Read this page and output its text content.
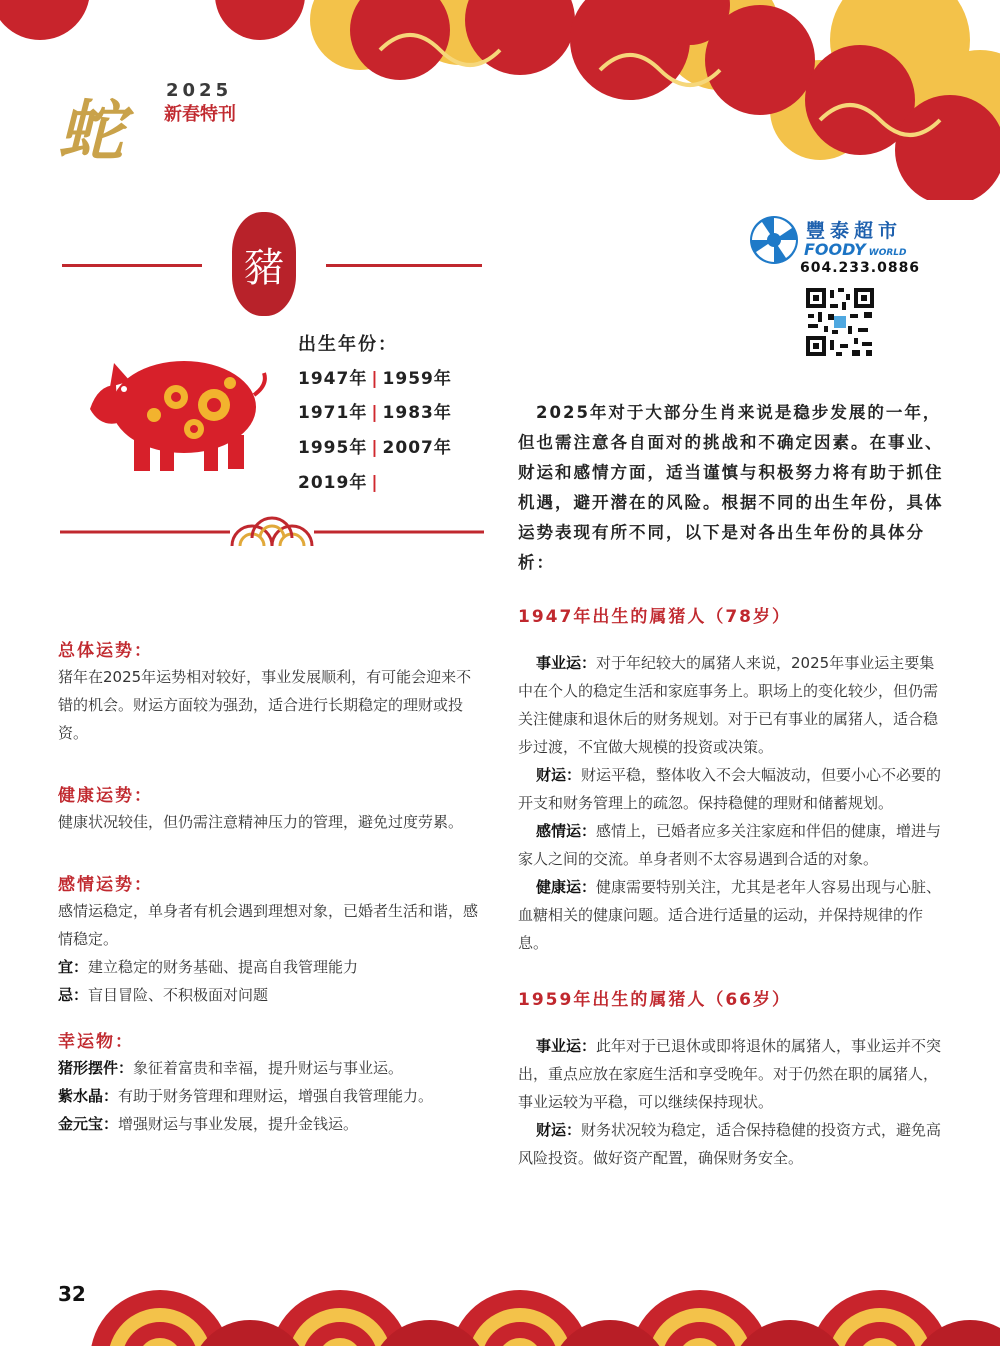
蛇
2025
新春特刊
豬
出生年份：
1947年 | 1959年
1971年 | 1983年
1995年 | 2007年
2019年 |
豐泰超市
FOODY WORLD
604.233.0886

2025年对于大部分生肖来说是稳步发展的一年，但也需注意各自面对的挑战和不确定因素。在事业、财运和感情方面，适当谨慎与积极努力将有助于抓住机遇，避开潜在的风险。根据不同的出生年份，具体运势表现有所不同，以下是对各出生年份的具体分析：

总体运势：

猪年在2025年运势相对较好，事业发展顺利，有可能会迎来不错的机会。财运方面较为强劲，适合进行长期稳定的理财或投资。

健康运势：

健康状况较佳，但仍需注意精神压力的管理，避免过度劳累。

感情运势：

感情运稳定，单身者有机会遇到理想对象，已婚者生活和谐，感情稳定。

宜：建立稳定的财务基础、提高自我管理能力

忌：盲目冒险、不积极面对问题

幸运物：

猪形摆件：象征着富贵和幸福，提升财运与事业运。

紫水晶：有助于财务管理和理财运，增强自我管理能力。

金元宝：增强财运与事业发展，提升金钱运。

1947年出生的属猪人（78岁）

事业运：对于年纪较大的属猪人来说，2025年事业运主要集中在个人的稳定生活和家庭事务上。职场上的变化较少，但仍需关注健康和退休后的财务规划。对于已有事业的属猪人，适合稳步过渡，不宜做大规模的投资或决策。

财运：财运平稳，整体收入不会大幅波动，但要小心不必要的开支和财务管理上的疏忽。保持稳健的理财和储蓄规划。

感情运：感情上，已婚者应多关注家庭和伴侣的健康，增进与家人之间的交流。单身者则不太容易遇到合适的对象。

健康运：健康需要特别关注，尤其是老年人容易出现与心脏、血糖相关的健康问题。适合进行适量的运动，并保持规律的作息。

1959年出生的属猪人（66岁）

事业运：此年对于已退休或即将退休的属猪人，事业运并不突出，重点应放在家庭生活和享受晚年。对于仍然在职的属猪人，事业运较为平稳，可以继续保持现状。

财运：财务状况较为稳定，适合保持稳健的投资方式，避免高风险投资。做好资产配置，确保财务安全。

32
